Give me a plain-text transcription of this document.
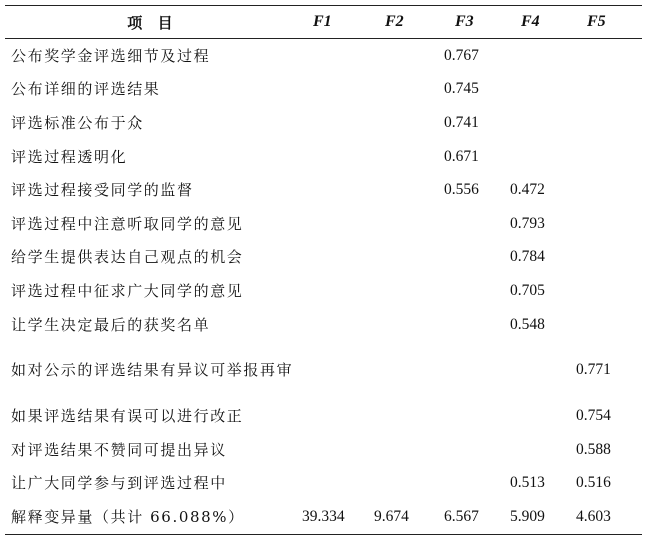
项　目	F1	F2	F3	F4	F5
公布奖学金评选细节及过程			0.767		
公布详细的评选结果			0.745		
评选标准公布于众			0.741		
评选过程透明化			0.671		
评选过程接受同学的监督			0.556	0.472	
评选过程中注意听取同学的意见				0.793	
给学生提供表达自己观点的机会				0.784	
评选过程中征求广大同学的意见				0.705	
让学生决定最后的获奖名单				0.548	
如对公示的评选结果有异议可举报再审					0.771
如果评选结果有误可以进行改正					0.754
对评选结果不赞同可提出异议					0.588
让广大同学参与到评选过程中				0.513	0.516
解释变异量（共计 66.088%）	39.334	9.674	6.567	5.909	4.603
